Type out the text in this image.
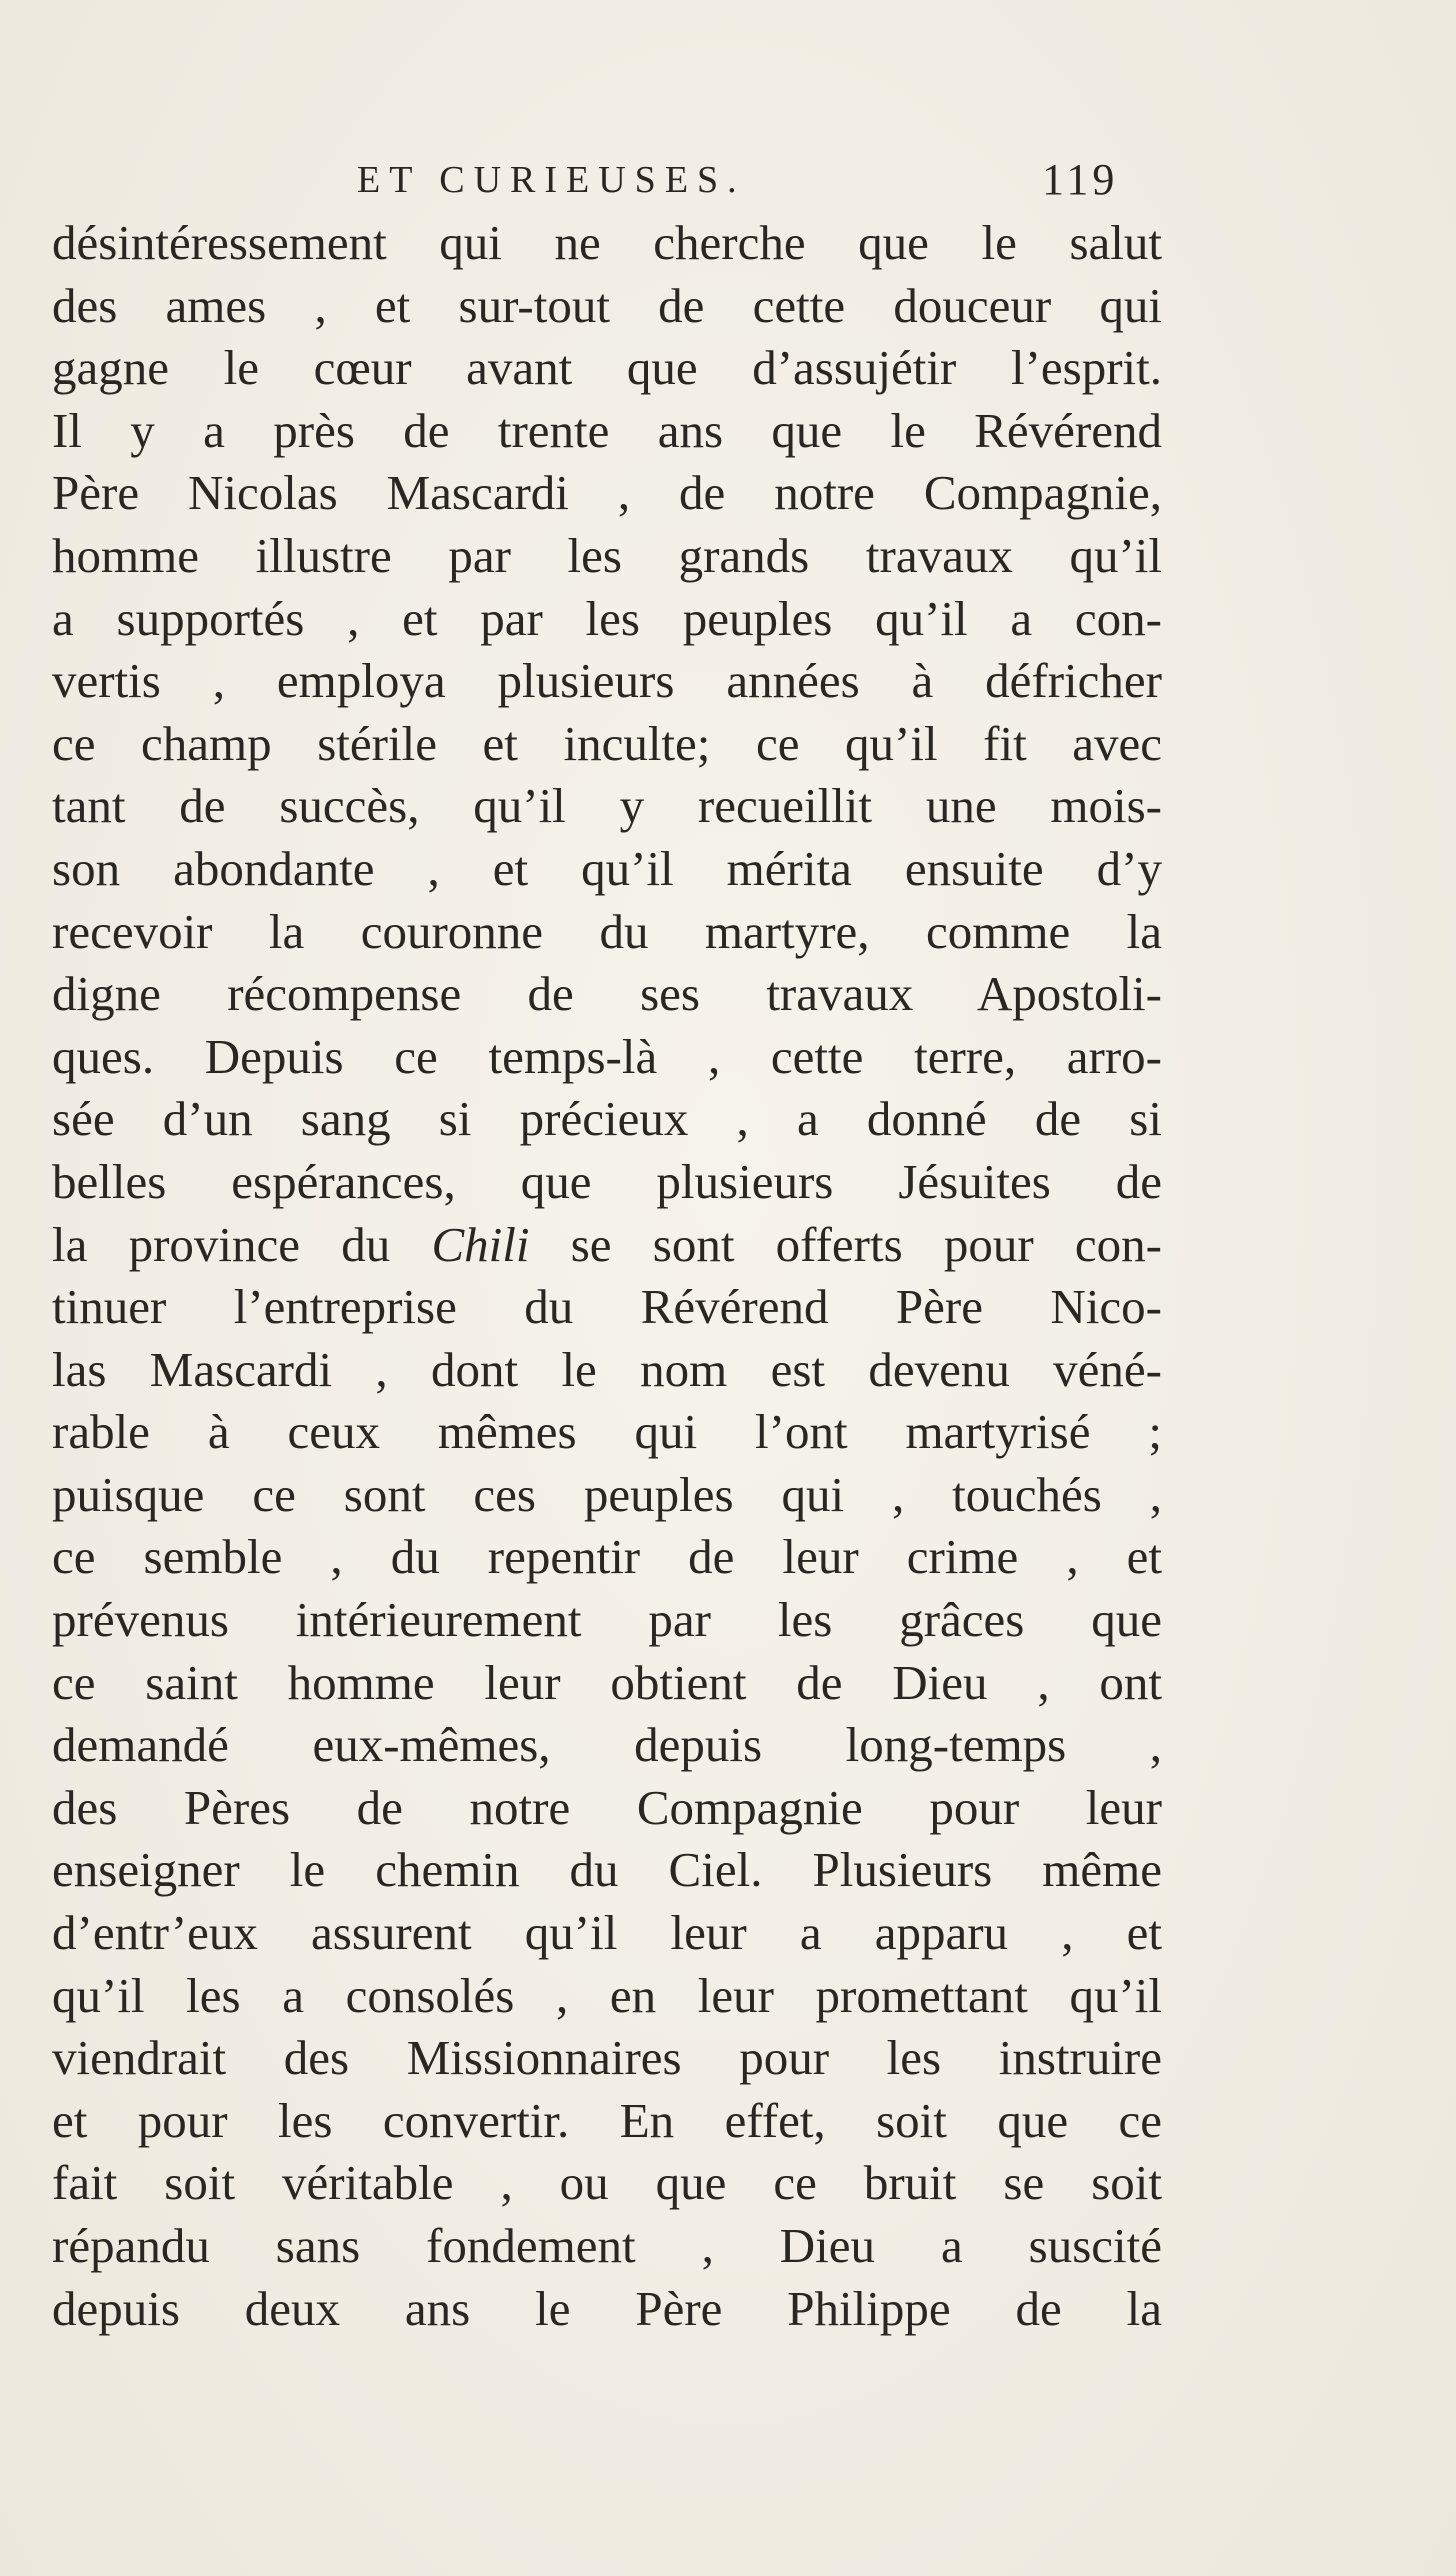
ET CURIEUSES.	119
désintéressement qui ne cherche que le salut
des ames , et sur-tout de cette douceur qui
gagne le cœur avant que d’assujétir l’esprit.
Il y a près de trente ans que le Révérend
Père Nicolas Mascardi , de notre Compagnie,
homme illustre par les grands travaux qu’il
a supportés , et par les peuples qu’il a con-
vertis , employa plusieurs années à défricher
ce champ stérile et inculte; ce qu’il fit avec
tant de succès, qu’il y recueillit une mois-
son abondante , et qu’il mérita ensuite d’y
recevoir la couronne du martyre, comme la
digne récompense de ses travaux Apostoli-
ques. Depuis ce temps-là , cette terre, arro-
sée d’un sang si précieux , a donné de si
belles espérances, que plusieurs Jésuites de
la province du Chili se sont offerts pour con-
tinuer l’entreprise du Révérend Père Nico-
las Mascardi , dont le nom est devenu véné-
rable à ceux mêmes qui l’ont martyrisé ;
puisque ce sont ces peuples qui , touchés ,
ce semble , du repentir de leur crime , et
prévenus intérieurement par les grâces que
ce saint homme leur obtient de Dieu , ont
demandé eux-mêmes, depuis long-temps ,
des Pères de notre Compagnie pour leur
enseigner le chemin du Ciel. Plusieurs même
d’entr’eux assurent qu’il leur a apparu , et
qu’il les a consolés , en leur promettant qu’il
viendrait des Missionnaires pour les instruire
et pour les convertir. En effet, soit que ce
fait soit véritable , ou que ce bruit se soit
répandu sans fondement , Dieu a suscité
depuis deux ans le Père Philippe de la
